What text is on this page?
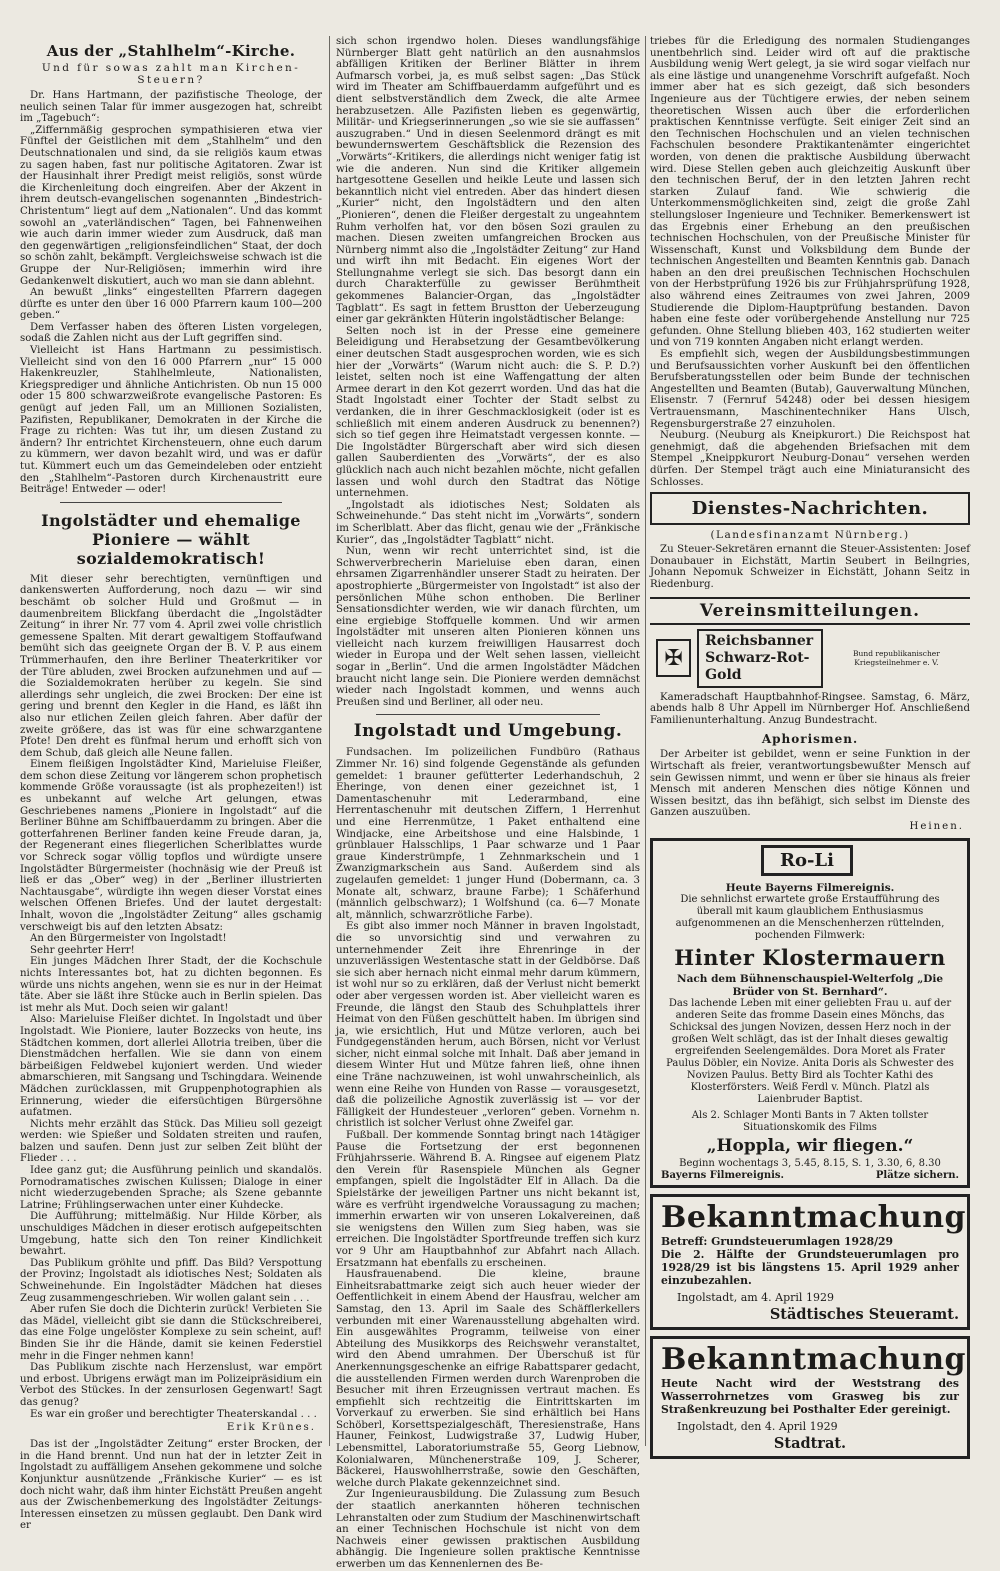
Aus der „Stahlhelm“-Kirche.
Und für sowas zahlt man Kirchen-Steuern?

Dr. Hans Hartmann, der pazifistische Theologe, der neulich seinen Talar für immer ausgezogen hat, schreibt im „Tagebuch“:

„Ziffernmäßig gesprochen sympathisieren etwa vier Fünftel der Geistlichen mit dem „Stahlhelm“ und den Deutschnationalen und sind, da sie religiös kaum etwas zu sagen haben, fast nur politische Agitatoren. Zwar ist der Hausinhalt ihrer Predigt meist religiös, sonst würde die Kirchenleitung doch eingreifen. Aber der Akzent in ihrem deutsch-evangelischen sogenannten „Bindestrich-Christentum“ liegt auf dem „Nationalen“. Und das kommt sowohl an „vaterländischen“ Tagen, bei Fahnenweihen wie auch darin immer wieder zum Ausdruck, daß man den gegenwärtigen „religionsfeindlichen“ Staat, der doch so schön zahlt, bekämpft. Vergleichsweise schwach ist die Gruppe der Nur-Religiösen; immerhin wird ihre Gedankenwelt diskutiert, auch wo man sie dann ablehnt.

An bewußt „links“ eingestellten Pfarrern dagegen dürfte es unter den über 16 000 Pfarrern kaum 100—200 geben.“

Dem Verfasser haben des öfteren Listen vorgelegen, sodaß die Zahlen nicht aus der Luft gegriffen sind.

Vielleicht ist Hans Hartmann zu pessimistisch. Vielleicht sind von den 16 000 Pfarrern „nur“ 15 000 Hakenkreuzler, Stahlhelmleute, Nationalisten, Kriegsprediger und ähnliche Antichristen. Ob nun 15 000 oder 15 800 schwarzweißrote evangelische Pastoren: Es genügt auf jeden Fall, um an Millionen Sozialisten, Pazifisten, Republikaner, Demokraten in der Kirche die Frage zu richten: Was tut ihr, um diesen Zustand zu ändern? Ihr entrichtet Kirchensteuern, ohne euch darum zu kümmern, wer davon bezahlt wird, und was er dafür tut. Kümmert euch um das Gemeindeleben oder entzieht den „Stahlhelm“-Pastoren durch Kirchenaustritt eure Beiträge! Entweder — oder!

Ingolstädter und ehemalige Pioniere — wählt sozialdemokratisch!

Mit dieser sehr berechtigten, vernünftigen und dankenswerten Aufforderung, noch dazu — wir sind beschämt ob solcher Huld und Großmut — in daumenbreitem Blickfang überdacht die „Ingolstädter Zeitung“ in ihrer Nr. 77 vom 4. April zwei volle christlich gemessene Spalten. Mit derart gewaltigem Stoffaufwand bemüht sich das geeignete Organ der B. V. P. aus einem Trümmerhaufen, den ihre Berliner Theaterkritiker vor der Türe abluden, zwei Brocken aufzunehmen und auf — die Sozialdemokraten herüber zu kegeln. Sie sind allerdings sehr ungleich, die zwei Brocken: Der eine ist gering und brennt den Kegler in die Hand, es läßt ihn also nur etlichen Zeilen gleich fahren. Aber dafür der zweite größere, das ist was für eine schwarzgantene Pfote! Den dreht es fünfmal herum und erhofft sich von dem Schub, daß gleich alle Neune fallen.

Einem fleißigen Ingolstädter Kind, Marieluise Fleißer, dem schon diese Zeitung vor längerem schon prophetisch kommende Größe voraussagte (ist als prophezeiten!) ist es unbekannt auf welche Art gelungen, etwas Geschriebenes namens „Pioniere in Ingolstadt“ auf die Berliner Bühne am Schiffbauerdamm zu bringen. Aber die gotterfahrenen Berliner fanden keine Freude daran, ja, der Regenerant eines fliegerlichen Scherlblattes wurde vor Schreck sogar völlig topflos und würdigte unsere Ingolstädter Bürgermeister (hochnäsig wie der Preuß ist ließ er das „Ober“ weg) in der „Berliner illustrierten Nachtausgabe“, würdigte ihn wegen dieser Vorstat eines welschen Offenen Briefes. Und der lautet dergestalt: Inhalt, wovon die „Ingolstädter Zeitung“ alles gschamig verschweigt bis auf den letzten Absatz:

An den Bürgermeister von Ingolstadt!

Sehr geehrter Herr!

Ein junges Mädchen Ihrer Stadt, der die Kochschule nichts Interessantes bot, hat zu dichten begonnen. Es würde uns nichts angehen, wenn sie es nur in der Heimat täte. Aber sie läßt ihre Stücke auch in Berlin spielen. Das ist mehr als Mut. Doch seien wir galant!

Also: Marieluise Fleißer dichtet. In Ingolstadt und über Ingolstadt. Wie Pioniere, lauter Bozzecks von heute, ins Städtchen kommen, dort allerlei Allotria treiben, über die Dienstmädchen herfallen. Wie sie dann von einem bärbeißigen Feldwebel kujoniert werden. Und wieder abmarschieren, mit Sangsang und Tschingdara. Weinende Mädchen zurücklassen, mit Gruppenphotographien als Erinnerung, wieder die eifersüchtigen Bürgersöhne aufatmen.

Nichts mehr erzählt das Stück. Das Milieu soll gezeigt werden: wie Spießer und Soldaten streiten und raufen, balzen und saufen. Denn just zur selben Zeit blüht der Flieder . . .

Idee ganz gut; die Ausführung peinlich und skandalös. Pornodramatisches zwischen Kulissen; Dialoge in einer nicht wiederzugebenden Sprache; als Szene gebannte Latrine; Frühlingserwachen unter einer Kuhdecke.

Die Aufführung; mittelmäßig. Nur Hilde Körber, als unschuldiges Mädchen in dieser erotisch aufgepeitschten Umgebung, hatte sich den Ton reiner Kindlichkeit bewahrt.

Das Publikum gröhlte und pfiff. Das Bild? Verspottung der Provinz; Ingolstadt als idiotisches Nest; Soldaten als Schweinehunde. Ein Ingolstädter Mädchen hat dieses Zeug zusammengeschrieben. Wir wollen galant sein . . .

Aber rufen Sie doch die Dichterin zurück! Verbieten Sie das Mädel, vielleicht gibt sie dann die Stückschreiberei, das eine Folge ungelöster Komplexe zu sein scheint, auf! Binden Sie ihr die Hände, damit sie keinen Federstiel mehr in die Finger nehmen kann!

Das Publikum zischte nach Herzenslust, war empört und erbost. Ubrigens erwägt man im Polizeipräsidium ein Verbot des Stückes. In der zensurlosen Gegenwart! Sagt das genug?

Es war ein großer und berechtigter Theaterskandal . . .

Erik Krünes.

Das ist der „Ingolstädter Zeitung“ erster Brocken, der in die Hand brennt. Und nun hat der in letzter Zeit in Ingolstadt zu auffälligem Ansehen gekommene und solche Konjunktur ausnützende „Fränkische Kurier“ — es ist doch nicht wahr, daß ihm hinter Eichstätt Preußen angeht aus der Zwischenbemerkung des Ingolstädter Zeitungs-Interessen einsetzen zu müssen geglaubt. Den Dank wird er

sich schon irgendwo holen. Dieses wandlungsfähige Nürnberger Blatt geht natürlich an den ausnahmslos abfälligen Kritiken der Berliner Blätter in ihrem Aufmarsch vorbei, ja, es muß selbst sagen: „Das Stück wird im Theater am Schiffbauerdamm aufgeführt und es dient selbstverständlich dem Zweck, die alte Armee herabzusetzen. Alle Pazifisten lieben es gegenwärtig, Militär- und Kriegserinnerungen „so wie sie sie auffassen“ auszugraben.“ Und in diesen Seelenmord drängt es mit bewundernswertem Geschäftsblick die Rezension des „Vorwärts“-Kritikers, die allerdings nicht weniger fatig ist wie die anderen. Nun sind die Kritiker allgemein hartgesottene Gesellen und heikle Leute und lassen sich bekanntlich nicht viel entreden. Aber das hindert diesen „Kurier“ nicht, den Ingolstädtern und den alten „Pionieren“, denen die Fleißer dergestalt zu ungeahntem Ruhm verholfen hat, vor den bösen Sozi graulen zu machen. Diesen zweiten umfangreichen Brocken aus Nürnberg nimmt also die „Ingolstädter Zeitung“ zur Hand und wirft ihn mit Bedacht. Ein eigenes Wort der Stellungnahme verlegt sie sich. Das besorgt dann ein durch Charakterfülle zu gewisser Berühmtheit gekommenes Balancier-Organ, das „Ingolstädter Tagblatt“. Es sagt in fettem Brustton der Ueberzeugung einer gar gekränkten Hüterin ingolstädtischer Belange:

Selten noch ist in der Presse eine gemeinere Beleidigung und Herabsetzung der Gesamtbevölkerung einer deutschen Stadt ausgesprochen worden, wie es sich hier der „Vorwärts“ (Warum nicht auch: die S. P. D.?) leistet, selten noch ist eine Waffengattung der alten Armee derart in den Kot gezerrt worden. Und das hat die Stadt Ingolstadt einer Tochter der Stadt selbst zu verdanken, die in ihrer Geschmacklosigkeit (oder ist es schließlich mit einem anderen Ausdruck zu benennen?) sich so tief gegen ihre Heimatstadt vergessen konnte. — Die Ingolstädter Bürgerschaft aber wird sich diesen gallen Sauberdienten des „Vorwärts“, der es also glücklich nach auch nicht bezahlen möchte, nicht gefallen lassen und wohl durch den Stadtrat das Nötige unternehmen.

„Ingolstadt als idiotisches Nest; Soldaten als Schweinehunde.“ Das steht nicht im „Vorwärts“, sondern im Scherlblatt. Aber das flicht, genau wie der „Fränkische Kurier“, das „Ingolstädter Tagblatt“ nicht.

Nun, wenn wir recht unterrichtet sind, ist die Schwerverbrecherin Marieluise eben daran, einen ehrsamen Zigarrenhändler unserer Stadt zu heiraten. Der apostrophierte „Bürgermeister von Ingolstadt“ ist also der persönlichen Mühe schon enthoben. Die Berliner Sensationsdichter werden, wie wir danach fürchten, um eine ergiebige Stoffquelle kommen. Und wir armen Ingolstädter mit unseren alten Pionieren können uns vielleicht nach kurzem freiwilligen Hausarrest doch wieder in Europa und der Welt sehen lassen, vielleicht sogar in „Berlin“. Und die armen Ingolstädter Mädchen braucht nicht lange sein. Die Pioniere werden demnächst wieder nach Ingolstadt kommen, und wenns auch Preußen sind und Berliner, all oder neu.

Ingolstadt und Umgebung.

Fundsachen. Im polizeilichen Fundbüro (Rathaus Zimmer Nr. 16) sind folgende Gegenstände als gefunden gemeldet: 1 brauner gefütterter Lederhandschuh, 2 Eheringe, von denen einer gezeichnet ist, 1 Damentaschenuhr mit Lederarmband, eine Herrentaschenuhr mit deutschen Ziffern, 1 Herrenhut und eine Herrenmütze, 1 Paket enthaltend eine Windjacke, eine Arbeitshose und eine Halsbinde, 1 grünblauer Halsschlips, 1 Paar schwarze und 1 Paar graue Kinderstrümpfe, 1 Zehnmarkschein und 1 Zwanzigmarkschein aus Sand. Außerdem sind als zugelaufen gemeldet: 1 junger Hund (Dobermann, ca. 3 Monate alt, schwarz, braune Farbe); 1 Schäferhund (männlich gelbschwarz); 1 Wolfshund (ca. 6—7 Monate alt, männlich, schwarzrötliche Farbe).

Es gibt also immer noch Männer in braven Ingolstadt, die so unvorsichtig sind und verwahren zu unternehmender Zeit ihre Ehrenringe in der unzuverlässigen Westentasche statt in der Geldbörse. Daß sie sich aber hernach nicht einmal mehr darum kümmern, ist wohl nur so zu erklären, daß der Verlust nicht bemerkt oder aber vergessen worden ist. Aber vielleicht waren es Freunde, die längst den Staub des Schuhplattels ihrer Heimat von den Füßen geschüttelt haben. Im übrigen sind ja, wie ersichtlich, Hut und Mütze verloren, auch bei Fundgegenständen herum, auch Börsen, nicht vor Verlust sicher, nicht einmal solche mit Inhalt. Daß aber jemand in diesem Winter Hut und Mütze fahren ließ, ohne ihnen eine Träne nachzuweinen, ist wohl unwahrscheinlich, als wenn eine Reihe von Hunden von Rasse — vorausgesetzt, daß die polizeiliche Agnostik zuverlässig ist — vor der Fälligkeit der Hundesteuer „verloren“ geben. Vornehm n. christlich ist solcher Verlust ohne Zweifel gar.

Fußball. Der kommende Sonntag bringt nach 14tägiger Pause die Fortsetzung der erst begonnenen Frühjahrsserie. Während B. A. Ringsee auf eigenem Platz den Verein für Rasenspiele München als Gegner empfangen, spielt die Ingolstädter Elf in Allach. Da die Spielstärke der jeweiligen Partner uns nicht bekannt ist, wäre es verfrüht irgendwelche Voraussagung zu machen; immerhin erwarten wir von unseren Lokalvereinen, daß sie wenigstens den Willen zum Sieg haben, was sie erreichen. Die Ingolstädter Sportfreunde treffen sich kurz vor 9 Uhr am Hauptbahnhof zur Abfahrt nach Allach. Ersatzmann hat ebenfalls zu erscheinen.

Hausfrauenabend. Die kleine, braune Einheitsrabattmarke zeigt sich auch heuer wieder der Oeffentlichkeit in einem Abend der Hausfrau, welcher am Samstag, den 13. April im Saale des Schäfflerkellers verbunden mit einer Warenausstellung abgehalten wird. Ein ausgewähltes Programm, teilweise von einer Abteilung des Musikkorps des Reichswehr veranstaltet, wird den Abend umrahmen. Der Überschuß ist für Anerkennungsgeschenke an eifrige Rabattsparer gedacht, die ausstellenden Firmen werden durch Warenproben die Besucher mit ihren Erzeugnissen vertraut machen. Es empfiehlt sich rechtzeitig die Eintrittskarten im Vorverkauf zu erwerben. Sie sind erhältlich bei Hans Schöberl, Korsettspezialgeschäft, Theresienstraße, Hans Hauner, Feinkost, Ludwigstraße 37, Ludwig Huber, Lebensmittel, Laboratoriumstraße 55, Georg Liebnow, Kolonialwaren, Münchenerstraße 109, J. Scherer, Bäckerei, Hauswohlherrstraße, sowie den Geschäften, welche durch Plakate gekennzeichnet sind.

Zur Ingenieurausbildung. Die Zulassung zum Besuch der staatlich anerkannten höheren technischen Lehranstalten oder zum Studium der Maschinenwirtschaft an einer Technischen Hochschule ist nicht von dem Nachweis einer gewissen praktischen Ausbildung abhängig. Die Ingenieure sollen praktische Kenntnisse erwerben um das Kennenlernen des Be-

triebes für die Erledigung des normalen Studienganges unentbehrlich sind. Leider wird oft auf die praktische Ausbildung wenig Wert gelegt, ja sie wird sogar vielfach nur als eine lästige und unangenehme Vorschrift aufgefaßt. Noch immer aber hat es sich gezeigt, daß sich besonders Ingenieure aus der Tüchtigere erwies, der neben seinem theoretischen Wissen auch über die erforderlichen praktischen Kenntnisse verfügte. Seit einiger Zeit sind an den Technischen Hochschulen und an vielen technischen Fachschulen besondere Praktikantenämter eingerichtet worden, von denen die praktische Ausbildung überwacht wird. Diese Stellen geben auch gleichzeitig Auskunft über den technischen Beruf, der in den letzten Jahren recht starken Zulauf fand. Wie schwierig die Unterkommensmöglichkeiten sind, zeigt die große Zahl stellungsloser Ingenieure und Techniker. Bemerkenswert ist das Ergebnis einer Erhebung an den preußischen technischen Hochschulen, von der Preußische Minister für Wissenschaft, Kunst und Volksbildung dem Bunde der technischen Angestellten und Beamten Kenntnis gab. Danach haben an den drei preußischen Technischen Hochschulen von der Herbstprüfung 1926 bis zur Frühjahrsprüfung 1928, also während eines Zeitraumes von zwei Jahren, 2009 Studierende die Diplom-Hauptprüfung bestanden. Davon haben eine feste oder vorübergehende Anstellung nur 725 gefunden. Ohne Stellung blieben 403, 162 studierten weiter und von 719 konnten Angaben nicht erlangt werden.

Es empfiehlt sich, wegen der Ausbildungsbestimmungen und Berufsaussichten vorher Auskunft bei den öffentlichen Berufsberatungsstellen oder beim Bunde der technischen Angestellten und Beamten (Butab), Gauverwaltung München, Elisenstr. 7 (Fernruf 54248) oder bei dessen hiesigem Vertrauensmann, Maschinentechniker Hans Ulsch, Regensburgerstraße 27 einzuholen.

Neuburg. (Neuburg als Kneipkurort.) Die Reichspost hat genehmigt, daß die abgehenden Briefsachen mit dem Stempel „Kneippkurort Neuburg-Donau“ versehen werden dürfen. Der Stempel trägt auch eine Miniaturansicht des Schlosses.

Dienstes-Nachrichten.
(Landesfinanzamt Nürnberg.)

Zu Steuer-Sekretären ernannt die Steuer-Assistenten: Josef Donaubauer in Eichstätt, Martin Seubert in Beilngries, Johann Nepomuk Schweizer in Eichstätt, Johann Seitz in Riedenburg.

Vereinsmitteilungen.
✠
Reichsbanner
Schwarz-Rot-Gold
Bund republikanischer Kriegsteilnehmer e. V.

Kameradschaft Hauptbahnhof-Ringsee. Samstag, 6. März, abends halb 8 Uhr Appell im Nürnberger Hof. Anschließend Familienunterhaltung. Anzug Bundestracht.

Aphorismen.

Der Arbeiter ist gebildet, wenn er seine Funktion in der Wirtschaft als freier, verantwortungsbewußter Mensch auf sein Gewissen nimmt, und wenn er über sie hinaus als freier Mensch mit anderen Menschen dies nötige Können und Wissen besitzt, das ihn befähigt, sich selbst im Dienste des Ganzen auszuüben.

Heinen.
Ro-Li
Heute Bayerns Filmereignis.
Die sehnlichst erwartete große Erstaufführung des überall mit kaum glaublichem Enthusiasmus aufgenommenen an die Menschenherzen rüttelnden, pochenden Filmwerk:
Hinter Klostermauern
Nach dem Bühnenschauspiel-Welterfolg „Die Brüder von St. Bernhard“.
Das lachende Leben mit einer geliebten Frau u. auf der anderen Seite das fromme Dasein eines Mönchs, das Schicksal des jungen Novizen, dessen Herz noch in der großen Welt schlägt, das ist der Inhalt dieses gewaltig ergreifenden Seelengemäldes. Dora Moret als Frater Paulus Döbler, ein Novize. Anita Doris als Schwester des Novizen Paulus. Betty Bird als Tochter Kathi des Klosterförsters. Weiß Ferdl v. Münch. Platzl als Laienbruder Baptist.
Als 2. Schlager Monti Bants in 7 Akten tollster Situationskomik des Films
„Hoppla, wir fliegen.“
Beginn wochentags 3, 5.45, 8.15, S. 1, 3.30, 6, 8.30
Bayerns Filmereignis.	Plätze sichern.
Bekanntmachung

Betreff: Grundsteuerumlagen 1928/29

Die 2. Hälfte der Grundsteuerumlagen pro 1928/29 ist bis längstens 15. April 1929 anher einzubezahlen.

Ingolstadt, am 4. April 1929
Städtisches Steueramt.
Bekanntmachung

Heute Nacht wird der Weststrang des Wasserrohrnetzes vom Grasweg bis zur Straßenkreuzung bei Posthalter Eder gereinigt.

Ingolstadt, den 4. April 1929
Stadtrat.
